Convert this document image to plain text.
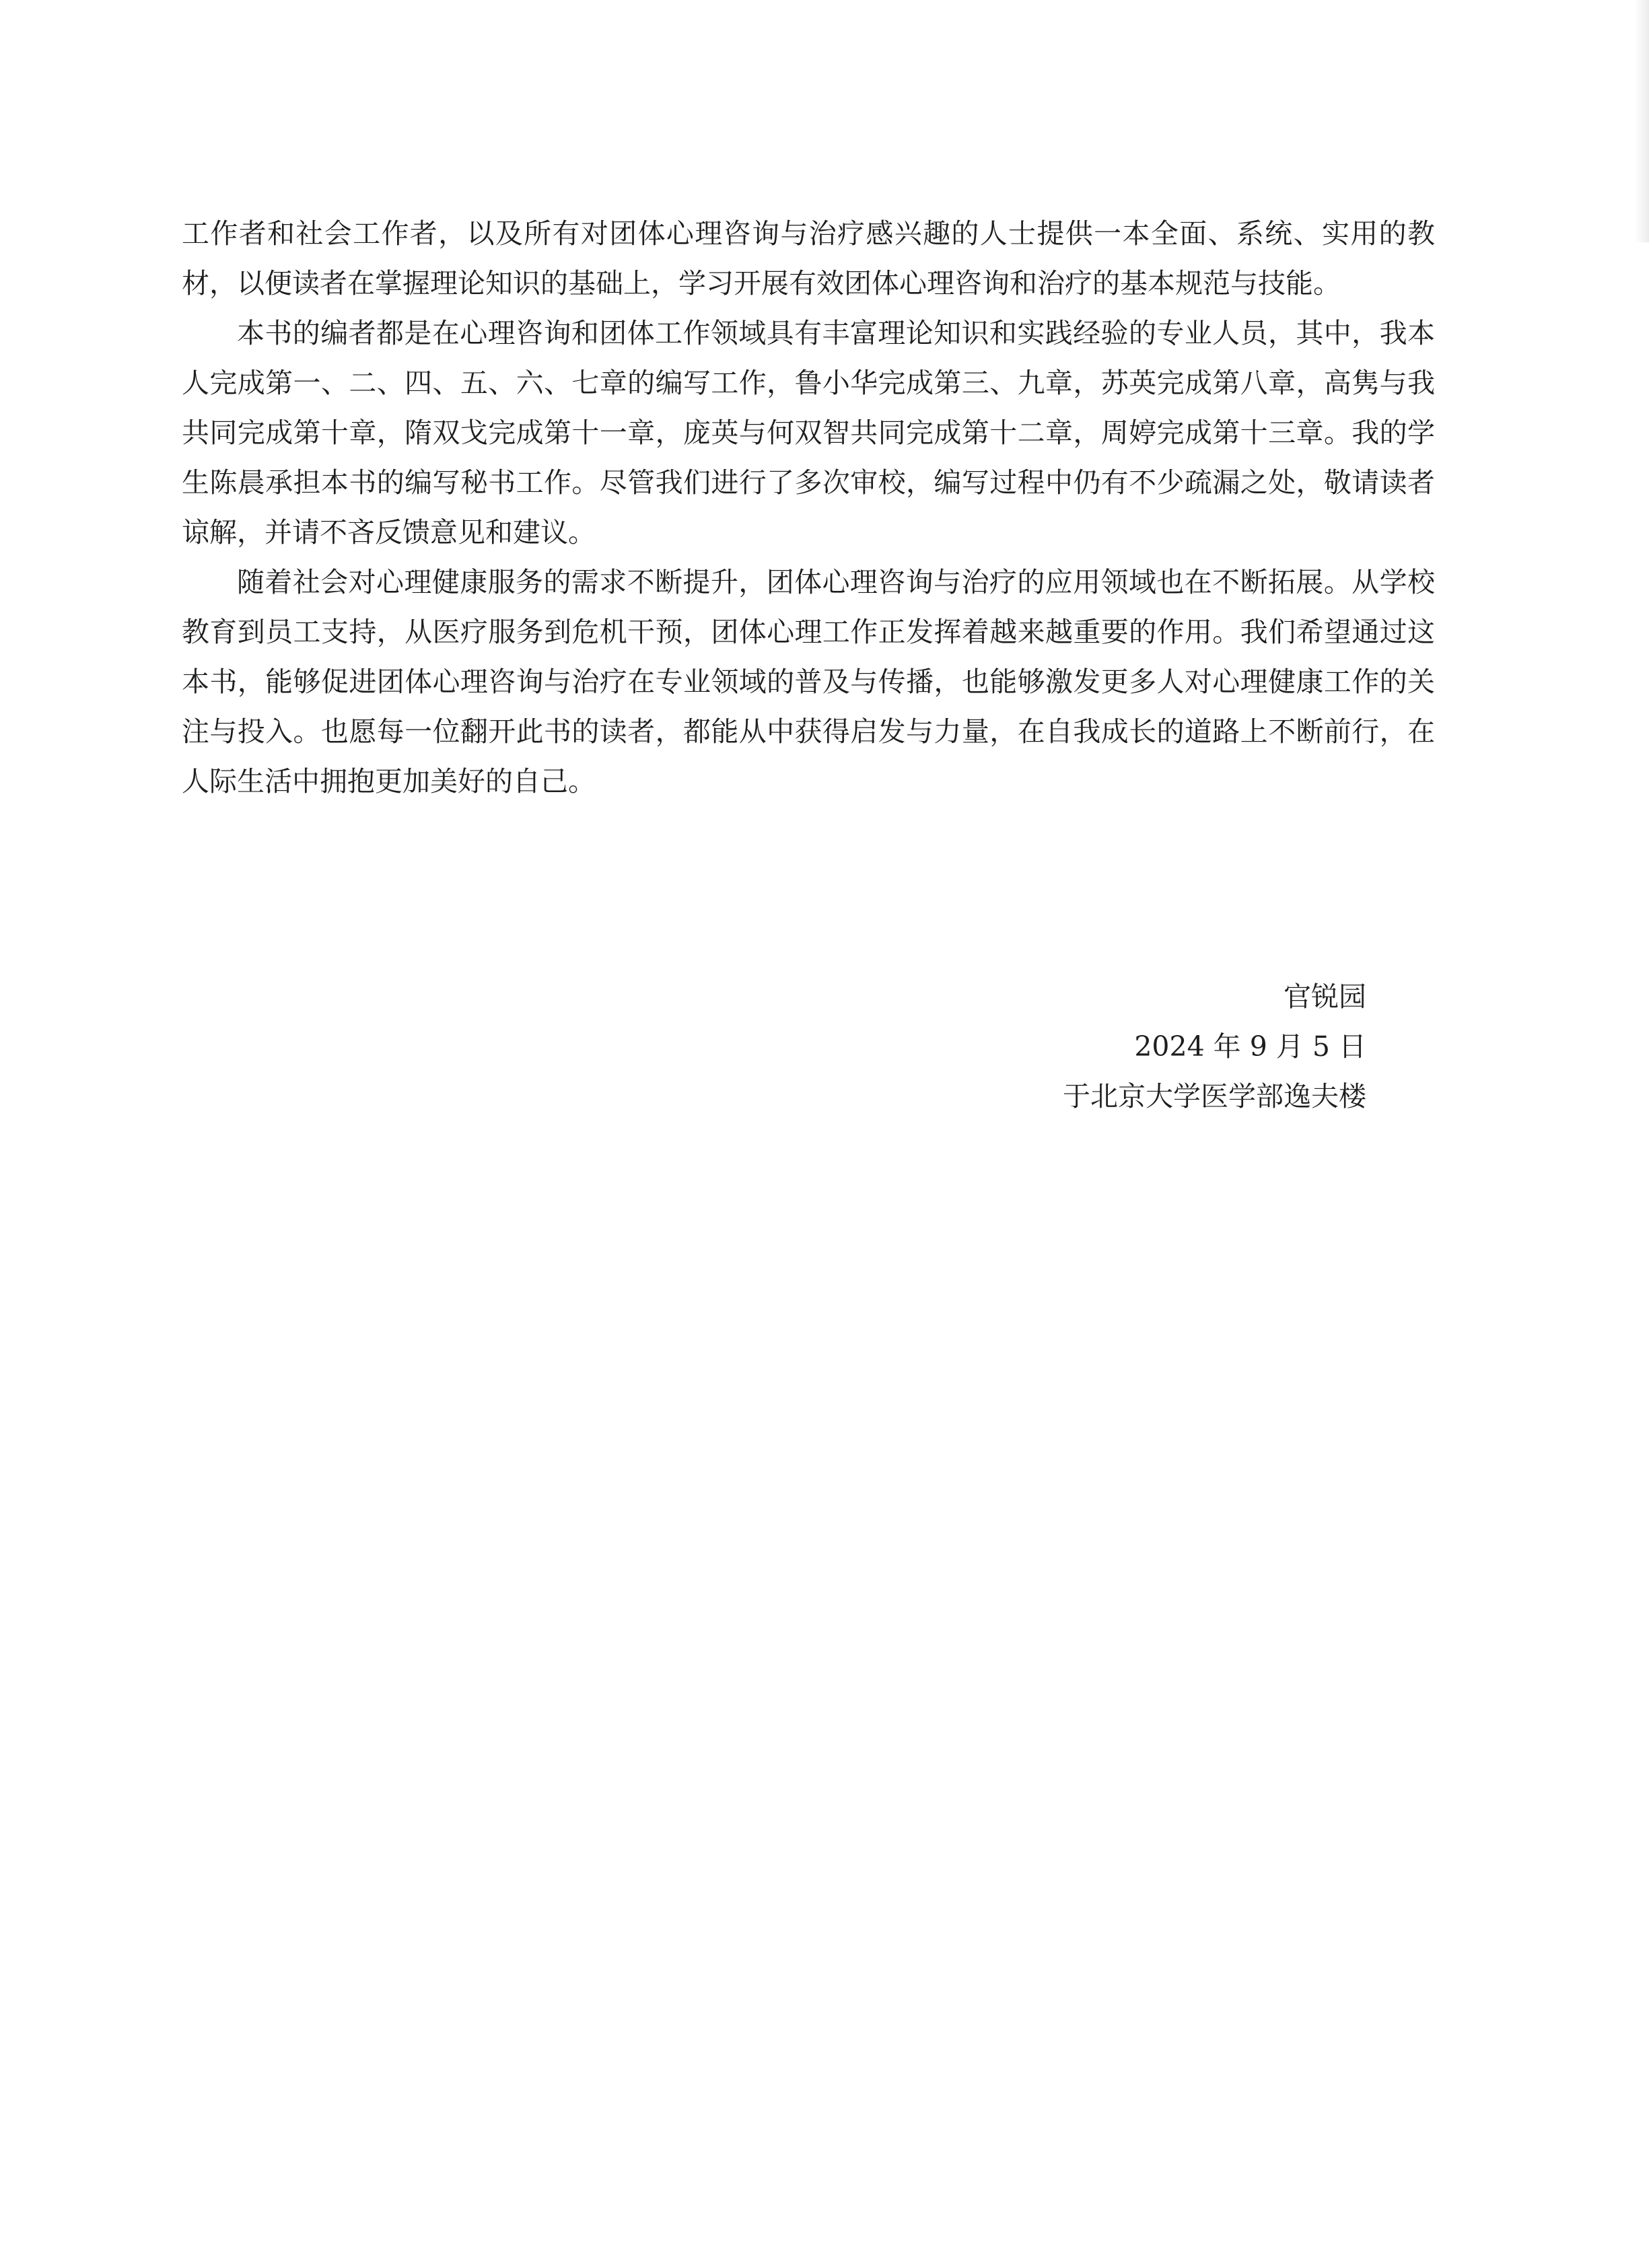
工作者和社会工作者，以及所有对团体心理咨询与治疗感兴趣的人士提供一本全面、系统、实用的教材，以便读者在掌握理论知识的基础上，学习开展有效团体心理咨询和治疗的基本规范与技能。

本书的编者都是在心理咨询和团体工作领域具有丰富理论知识和实践经验的专业人员，其中，我本人完成第一、二、四、五、六、七章的编写工作，鲁小华完成第三、九章，苏英完成第八章，高隽与我共同完成第十章，隋双戈完成第十一章，庞英与何双智共同完成第十二章，周婷完成第十三章。我的学生陈晨承担本书的编写秘书工作。尽管我们进行了多次审校，编写过程中仍有不少疏漏之处，敬请读者谅解，并请不吝反馈意见和建议。

随着社会对心理健康服务的需求不断提升，团体心理咨询与治疗的应用领域也在不断拓展。从学校教育到员工支持，从医疗服务到危机干预，团体心理工作正发挥着越来越重要的作用。我们希望通过这本书，能够促进团体心理咨询与治疗在专业领域的普及与传播，也能够激发更多人对心理健康工作的关注与投入。也愿每一位翻开此书的读者，都能从中获得启发与力量，在自我成长的道路上不断前行，在人际生活中拥抱更加美好的自己。

官锐园
2024 年 9 月 5 日
于北京大学医学部逸夫楼
